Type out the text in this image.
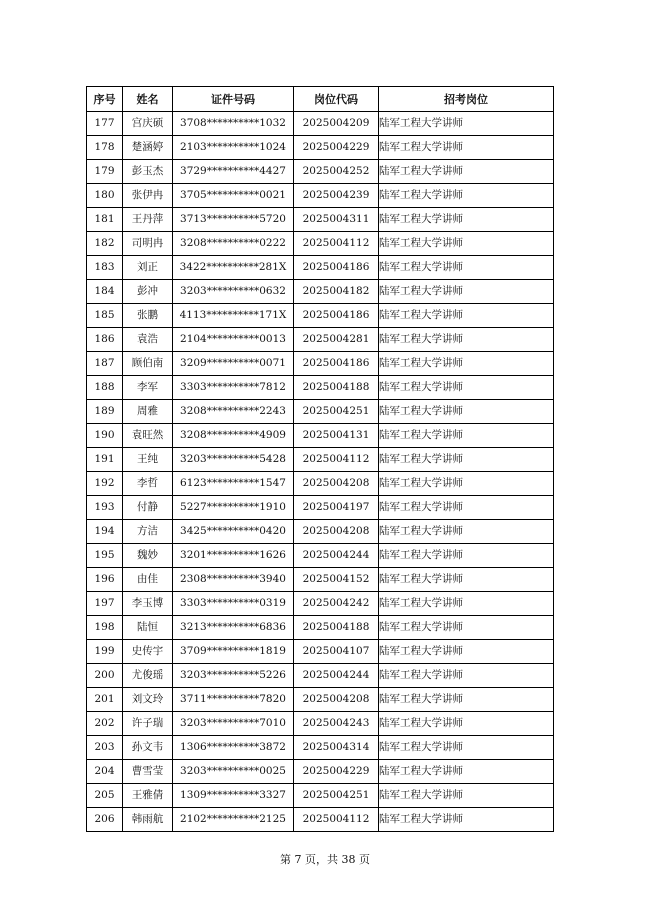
序号	姓名	证件号码	岗位代码	招考岗位
177	宫庆硕	3708**********1032	2025004209	陆军工程大学讲师
178	楚涵婷	2103**********1024	2025004229	陆军工程大学讲师
179	彭玉杰	3729**********4427	2025004252	陆军工程大学讲师
180	张伊冉	3705**********0021	2025004239	陆军工程大学讲师
181	王丹萍	3713**********5720	2025004311	陆军工程大学讲师
182	司明冉	3208**********0222	2025004112	陆军工程大学讲师
183	刘正	3422**********281X	2025004186	陆军工程大学讲师
184	彭冲	3203**********0632	2025004182	陆军工程大学讲师
185	张鹏	4113**********171X	2025004186	陆军工程大学讲师
186	袁浩	2104**********0013	2025004281	陆军工程大学讲师
187	顾伯南	3209**********0071	2025004186	陆军工程大学讲师
188	李军	3303**********7812	2025004188	陆军工程大学讲师
189	周雅	3208**********2243	2025004251	陆军工程大学讲师
190	袁旺然	3208**********4909	2025004131	陆军工程大学讲师
191	王纯	3203**********5428	2025004112	陆军工程大学讲师
192	李哲	6123**********1547	2025004208	陆军工程大学讲师
193	付静	5227**********1910	2025004197	陆军工程大学讲师
194	方洁	3425**********0420	2025004208	陆军工程大学讲师
195	魏妙	3201**********1626	2025004244	陆军工程大学讲师
196	由佳	2308**********3940	2025004152	陆军工程大学讲师
197	李玉博	3303**********0319	2025004242	陆军工程大学讲师
198	陆恒	3213**********6836	2025004188	陆军工程大学讲师
199	史传宇	3709**********1819	2025004107	陆军工程大学讲师
200	尤俊瑶	3203**********5226	2025004244	陆军工程大学讲师
201	刘文玲	3711**********7820	2025004208	陆军工程大学讲师
202	许子瑞	3203**********7010	2025004243	陆军工程大学讲师
203	孙文韦	1306**********3872	2025004314	陆军工程大学讲师
204	曹雪莹	3203**********0025	2025004229	陆军工程大学讲师
205	王雅倩	1309**********3327	2025004251	陆军工程大学讲师
206	韩雨航	2102**********2125	2025004112	陆军工程大学讲师
第 7 页，共 38 页
